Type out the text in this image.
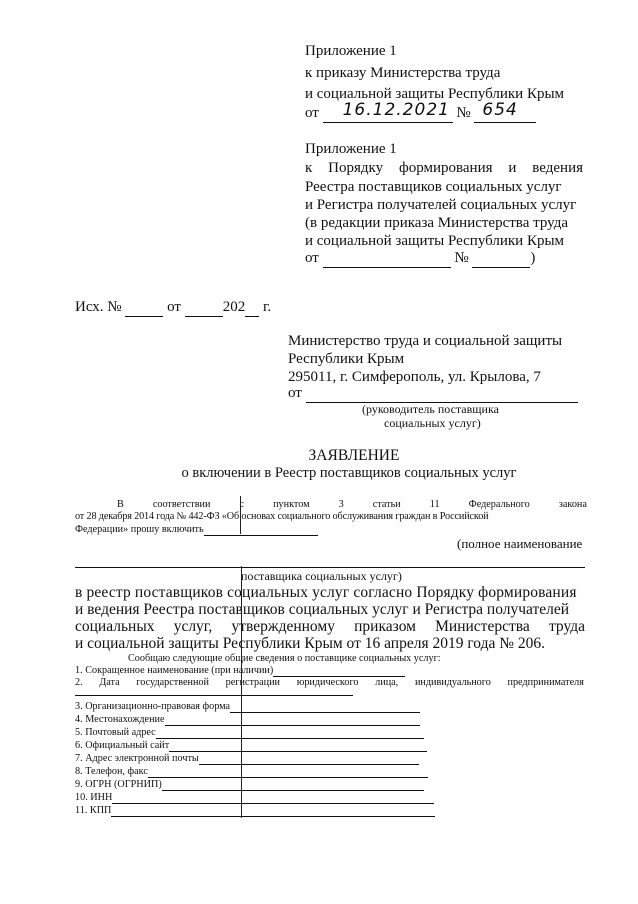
Приложение 1
к приказу Министерства труда
и социальной защиты Республики Крым
от 16.12.2021 № 654
Приложение 1
к Порядку формирования и ведения
Реестра поставщиков социальных услуг
и Регистра получателей социальных услуг
(в редакции приказа Министерства труда
и социальной защиты Республики Крым
от	№	)
Исх. №	от	202 г.
Министерство труда и социальной защиты
Республики Крым
295011, г. Симферополь, ул. Крылова, 7
от
(руководитель поставщика
социальных услуг)
ЗАЯВЛЕНИЕ
о включении в Реестр поставщиков социальных услуг
В	соответствии	с	пунктом	3	статьи	11	Федерального	закона
от 28 декабря 2014 года № 442-ФЗ «Об основах социального обслуживания граждан в Российской
Федерации» прошу включить
(полное наименование
поставщика социальных услуг)
в реестр поставщиков социальных услуг согласно Порядку формирования
и ведения Реестра поставщиков социальных услуг и Регистра получателей
социальных услуг, утвержденному приказом Министерства труда
и социальной защиты Республики Крым от 16 апреля 2019 года № 206.
Сообщаю следующие общие сведения о поставщике социальных услуг:
1. Сокращенное наименование (при наличии)
2. Дата государственной регистрации юридического лица, индивидуального предпринимателя
3. Организационно-правовая форма
4. Местонахождение
5. Почтовый адрес
6. Официальный сайт
7. Адрес электронной почты
8. Телефон, факс
9. ОГРН (ОГРНИП)
10. ИНН
11. КПП
